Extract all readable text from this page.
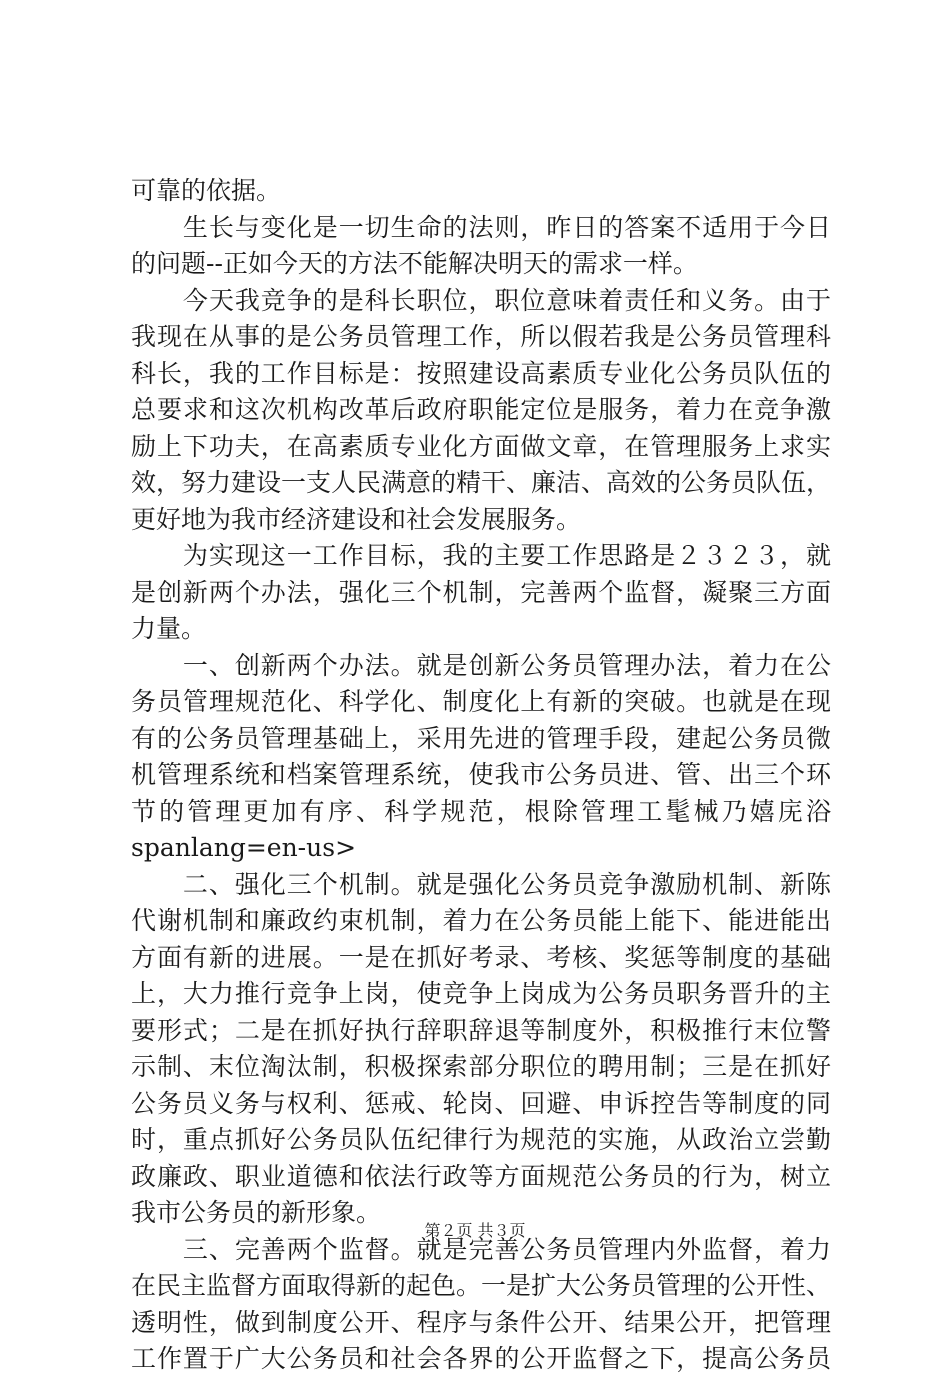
可靠的依据。
　　生长与变化是一切生命的法则，昨日的答案不适用于今日
的问题--正如今天的方法不能解决明天的需求一样。
　　今天我竞争的是科长职位，职位意味着责任和义务。由于
我现在从事的是公务员管理工作，所以假若我是公务员管理科
科长，我的工作目标是：按照建设高素质专业化公务员队伍的
总要求和这次机构改革后政府职能定位是服务，着力在竞争激
励上下功夫，在高素质专业化方面做文章，在管理服务上求实
效，努力建设一支人民满意的精干、廉洁、高效的公务员队伍，
更好地为我市经济建设和社会发展服务。
　　为实现这一工作目标，我的主要工作思路是２３２３，就
是创新两个办法，强化三个机制，完善两个监督，凝聚三方面
力量。
　　一、创新两个办法。就是创新公务员管理办法，着力在公
务员管理规范化、科学化、制度化上有新的突破。也就是在现
有的公务员管理基础上，采用先进的管理手段，建起公务员微
机管理系统和档案管理系统，使我市公务员进、管、出三个环
节的管理更加有序、科学规范，根除管理工髦械乃嬉庑浴
spanlang=en-us>
　　二、强化三个机制。就是强化公务员竞争激励机制、新陈
代谢机制和廉政约束机制，着力在公务员能上能下、能进能出
方面有新的进展。一是在抓好考录、考核、奖惩等制度的基础
上，大力推行竞争上岗，使竞争上岗成为公务员职务晋升的主
要形式；二是在抓好执行辞职辞退等制度外，积极推行末位警
示制、末位淘汰制，积极探索部分职位的聘用制；三是在抓好
公务员义务与权利、惩戒、轮岗、回避、申诉控告等制度的同
时，重点抓好公务员队伍纪律行为规范的实施，从政治立尝勤
政廉政、职业道德和依法行政等方面规范公务员的行为，树立
我市公务员的新形象。
　　三、完善两个监督。就是完善公务员管理内外监督，着力
在民主监督方面取得新的起色。一是扩大公务员管理的公开性、
透明性，做到制度公开、程序与条件公开、结果公开，把管理
工作置于广大公务员和社会各界的公开监督之下，提高公务员
第２页 共３页
